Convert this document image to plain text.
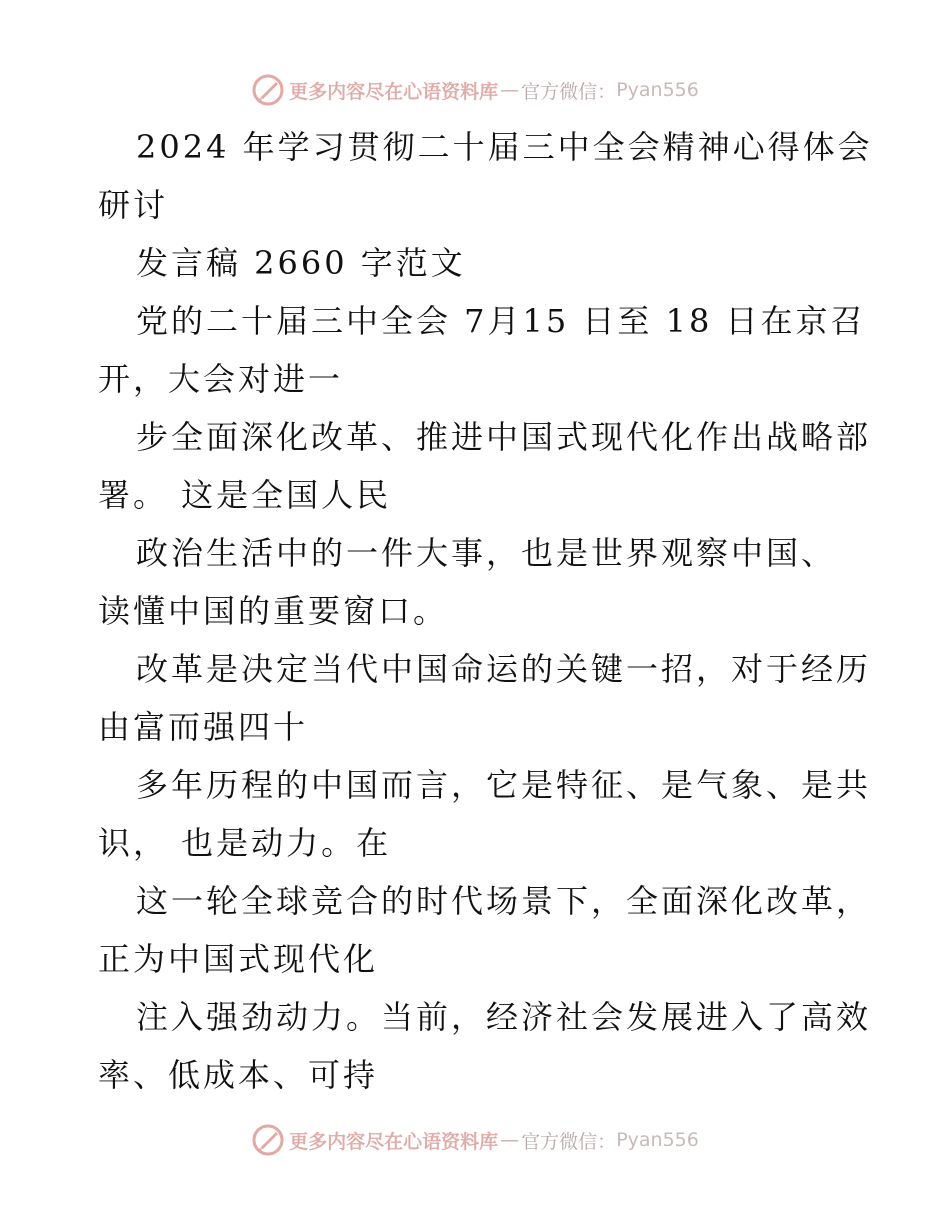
更多内容尽在心语资料库 — 官方微信： Pyan556
2024 年学习贯彻二十届三中全会精神心得体会
研讨
发言稿 2660 字范文
党的二十届三中全会 7月15 日至 18 日在京召
开，大会对进一
步全面深化改革、推进中国式现代化作出战略部
署。 这是全国人民
政治生活中的一件大事，也是世界观察中国、
读懂中国的重要窗口。
改革是决定当代中国命运的关键一招，对于经历
由富而强四十
多年历程的中国而言，它是特征、是气象、是共
识， 也是动力。在
这一轮全球竞合的时代场景下，全面深化改革，
正为中国式现代化
注入强劲动力。当前，经济社会发展进入了高效
率、低成本、可持
更多内容尽在心语资料库 — 官方微信： Pyan556
